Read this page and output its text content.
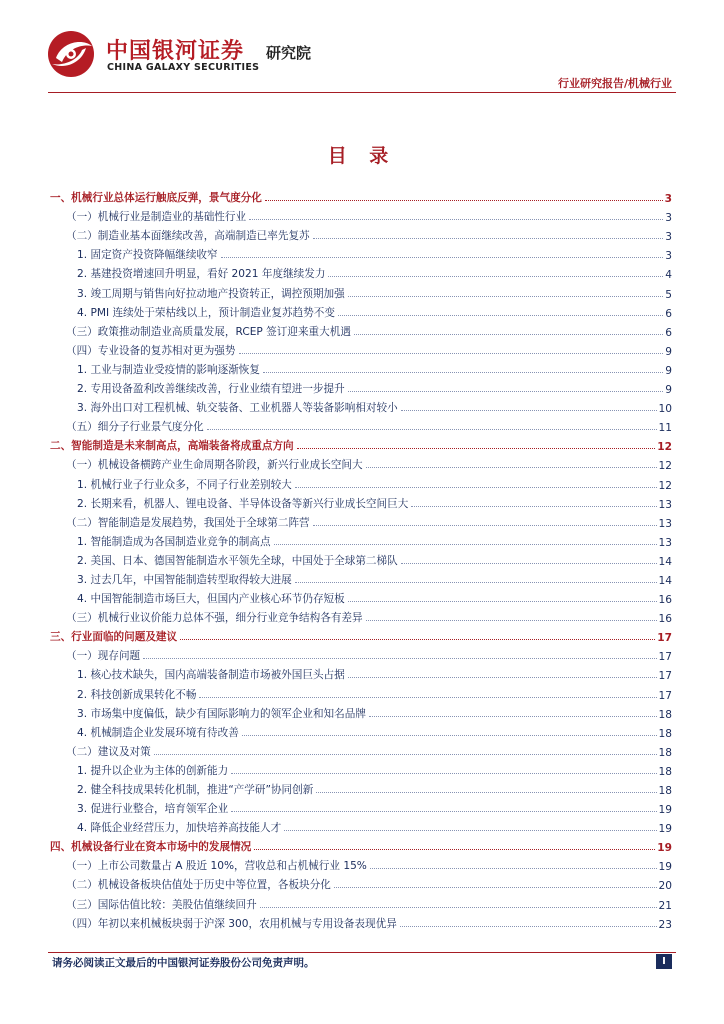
中国银河证券 研究院
CHINA GALAXY SECURITIES
行业研究报告/机械行业
目 录
一、机械行业总体运行触底反弹，景气度分化	3
（一）机械行业是制造业的基础性行业	3
（二）制造业基本面继续改善，高端制造已率先复苏	3
1. 固定资产投资降幅继续收窄	3
2. 基建投资增速回升明显，看好 2021 年度继续发力	4
3. 竣工周期与销售向好拉动地产投资转正，调控预期加强	5
4. PMI 连续处于荣枯线以上，预计制造业复苏趋势不变	6
（三）政策推动制造业高质量发展，RCEP 签订迎来重大机遇	6
（四）专业设备的复苏相对更为强势	9
1. 工业与制造业受疫情的影响逐渐恢复	9
2. 专用设备盈利改善继续改善，行业业绩有望进一步提升	9
3. 海外出口对工程机械、轨交装备、工业机器人等装备影响相对较小	10
（五）细分子行业景气度分化	11
二、智能制造是未来制高点，高端装备将成重点方向	12
（一）机械设备横跨产业生命周期各阶段，新兴行业成长空间大	12
1. 机械行业子行业众多，不同子行业差别较大	12
2. 长期来看，机器人、锂电设备、半导体设备等新兴行业成长空间巨大	13
（二）智能制造是发展趋势，我国处于全球第二阵营	13
1. 智能制造成为各国制造业竞争的制高点	13
2. 美国、日本、德国智能制造水平领先全球，中国处于全球第二梯队	14
3. 过去几年，中国智能制造转型取得较大进展	14
4. 中国智能制造市场巨大，但国内产业核心环节仍存短板	16
（三）机械行业议价能力总体不强，细分行业竞争结构各有差异	16
三、行业面临的问题及建议	17
（一）现存问题	17
1. 核心技术缺失，国内高端装备制造市场被外国巨头占据	17
2. 科技创新成果转化不畅	17
3. 市场集中度偏低，缺少有国际影响力的领军企业和知名品牌	18
4. 机械制造企业发展环境有待改善	18
（二）建议及对策	18
1. 提升以企业为主体的创新能力	18
2. 健全科技成果转化机制，推进“产学研”协同创新	18
3. 促进行业整合，培育领军企业	19
4. 降低企业经营压力，加快培养高技能人才	19
四、机械设备行业在资本市场中的发展情况	19
（一）上市公司数量占 A 股近 10%，营收总和占机械行业 15%	19
（二）机械设备板块估值处于历史中等位置，各板块分化	20
（三）国际估值比较：美股估值继续回升	21
（四）年初以来机械板块弱于沪深 300，农用机械与专用设备表现优异	23
请务必阅读正文最后的中国银河证券股份公司免责声明。	I
